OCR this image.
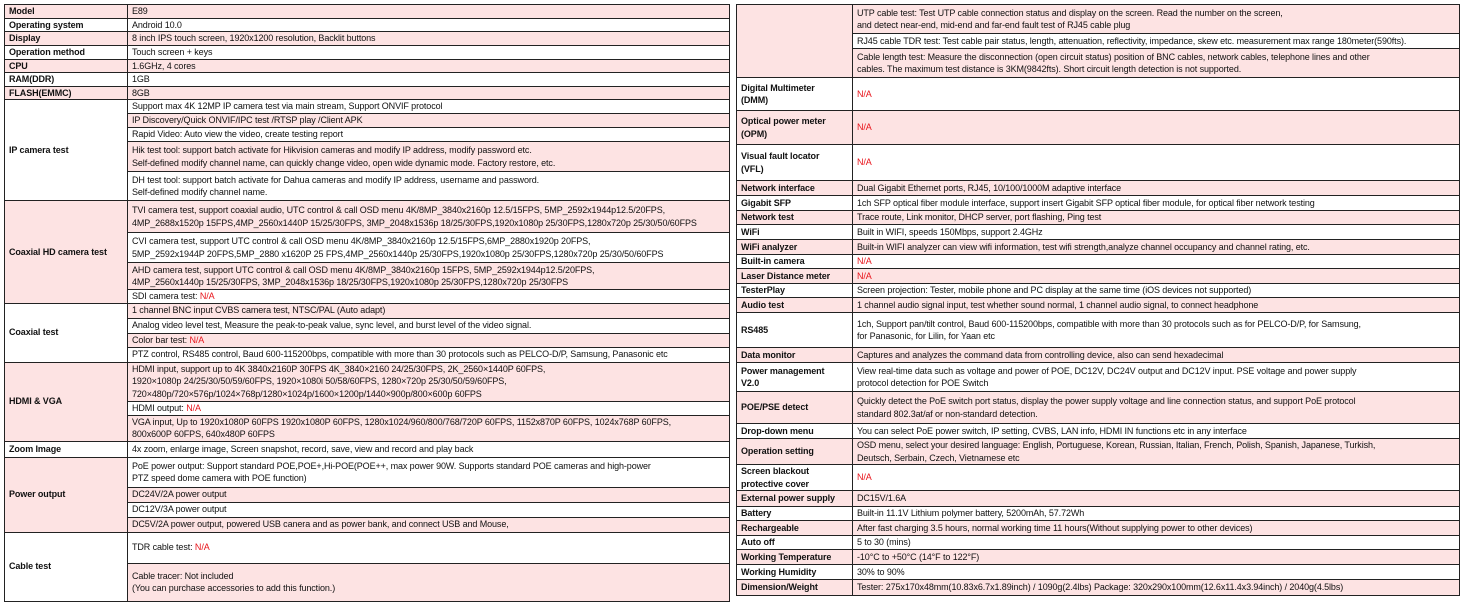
Model	E89
Operating system	Android 10.0
Display	8 inch IPS touch screen, 1920x1200 resolution, Backlit buttons
Operation method	Touch screen + keys
CPU	1.6GHz, 4 cores
RAM(DDR)	1GB
FLASH(EMMC)	8GB
IP camera test	Support max 4K 12MP IP camera test via main stream, Support ONVIF protocol
	IP Discovery/Quick ONVIF/IPC test /RTSP play /Client APK
	Rapid Video: Auto view the video, create testing report
	Hik test tool: support batch activate for Hikvision cameras and modify IP address, modify password etc.
Self-defined modify channel name, can quickly change video, open wide dynamic mode. Factory restore, etc.
	DH test tool: support batch activate for Dahua cameras and modify IP address, username and password.
Self-defined modify channel name.
Coaxial HD camera test	TVI camera test, support coaxial audio, UTC control & call OSD menu 4K/8MP_3840x2160p 12.5/15FPS, 5MP_2592x1944p12.5/20FPS,
4MP_2688x1520p 15FPS,4MP_2560x1440P 15/25/30FPS, 3MP_2048x1536p 18/25/30FPS,1920x1080p 25/30FPS,1280x720p 25/30/50/60FPS
	CVI camera test, support UTC control & call OSD menu 4K/8MP_3840x2160p 12.5/15FPS,6MP_2880x1920p 20FPS,
5MP_2592x1944P 20FPS,5MP_2880 x1620P 25 FPS,4MP_2560x1440p 25/30FPS,1920x1080p 25/30FPS,1280x720p 25/30/50/60FPS
	AHD camera test, support UTC control & call OSD menu 4K/8MP_3840x2160p 15FPS, 5MP_2592x1944p12.5/20FPS,
4MP_2560x1440p 15/25/30FPS, 3MP_2048x1536p 18/25/30FPS,1920x1080p 25/30FPS,1280x720p 25/30FPS
	SDI camera test: N/A
Coaxial test	1 channel BNC input CVBS camera test, NTSC/PAL (Auto adapt)
	Analog video level test, Measure the peak-to-peak value, sync level, and burst level of the video signal.
	Color bar test: N/A
	PTZ control, RS485 control, Baud 600-115200bps, compatible with more than 30 protocols such as PELCO-D/P, Samsung, Panasonic etc
HDMI & VGA	HDMI input, support up to 4K 3840x2160P 30FPS 4K_3840×2160 24/25/30FPS, 2K_2560×1440P 60FPS,
1920×1080p 24/25/30/50/59/60FPS, 1920×1080i 50/58/60FPS, 1280×720p 25/30/50/59/60FPS,
720×480p/720×576p/1024×768p/1280×1024p/1600×1200p/1440×900p/800×600p 60FPS
	HDMI output: N/A
	VGA input, Up to 1920x1080P 60FPS 1920x1080P 60FPS, 1280x1024/960/800/768/720P 60FPS, 1152x870P 60FPS, 1024x768P 60FPS,
800x600P 60FPS, 640x480P 60FPS
Zoom Image	4x zoom, enlarge image, Screen snapshot, record, save, view and record and play back
Power output	PoE power output: Support standard POE,POE+,Hi-POE(POE++, max power 90W. Supports standard POE cameras and high-power
PTZ speed dome camera with POE function)
	DC24V/2A power output
	DC12V/3A power output
	DC5V/2A power output, powered USB canera and as power bank, and connect USB and Mouse,
Cable test	TDR cable test: N/A
	Cable tracer: Not included
(You can purchase accessories to add this function.)
	UTP cable test: Test UTP cable connection status and display on the screen. Read the number on the screen,
and detect near-end, mid-end and far-end fault test of RJ45 cable plug
	RJ45 cable TDR test: Test cable pair status, length, attenuation, reflectivity, impedance, skew etc. measurement max range 180meter(590fts).
	Cable length test: Measure the disconnection (open circuit status) position of BNC cables, network cables, telephone lines and other
cables. The maximum test distance is 3KM(9842fts). Short circuit length detection is not supported.
Digital Multimeter
(DMM)	N/A
Optical power meter
(OPM)	N/A
Visual fault locator
(VFL)	N/A
Network interface	Dual Gigabit Ethernet ports, RJ45, 10/100/1000M adaptive interface
Gigabit SFP	1ch SFP optical fiber module interface, support insert Gigabit SFP optical fiber module, for optical fiber network testing
Network test	Trace route, Link monitor, DHCP server, port flashing, Ping test
WiFi	Built in WIFI, speeds 150Mbps, support 2.4GHz
WiFi analyzer	Built-in WIFI analyzer can view wifi information, test wifi strength,analyze channel occupancy and channel rating, etc.
Built-in camera	N/A
Laser Distance meter	N/A
TesterPlay	Screen projection: Tester, mobile phone and PC display at the same time (iOS devices not supported)
Audio test	1 channel audio signal input, test whether sound normal, 1 channel audio signal, to connect headphone
RS485	1ch, Support pan/tilt control, Baud 600-115200bps, compatible with more than 30 protocols such as for PELCO-D/P, for Samsung,
for Panasonic, for Lilin, for Yaan etc
Data monitor	Captures and analyzes the command data from controlling device, also can send hexadecimal
Power management
V2.0	View real-time data such as voltage and power of POE, DC12V, DC24V output and DC12V input. PSE voltage and power supply
protocol detection for POE Switch
POE/PSE detect	Quickly detect the PoE switch port status, display the power supply voltage and line connection status, and support PoE protocol
standard 802.3at/af or non-standard detection.
Drop-down menu	You can select PoE power switch, IP setting, CVBS, LAN info, HDMI IN functions etc in any interface
Operation setting	OSD menu, select your desired language: English, Portuguese, Korean, Russian, Italian, French, Polish, Spanish, Japanese, Turkish,
Deutsch, Serbain, Czech, Vietnamese etc
Screen blackout
protective cover	N/A
External power supply	DC15V/1.6A
Battery	Built-in 11.1V Lithium polymer battery, 5200mAh, 57.72Wh
Rechargeable	After fast charging 3.5 hours, normal working time 11 hours(Without supplying power to other devices)
Auto off	5 to 30 (mins)
Working Temperature	-10°C to +50°C (14°F to 122°F)
Working Humidity	30% to 90%
Dimension/Weight	Tester: 275x170x48mm(10.83x6.7x1.89inch) / 1090g(2.4lbs) Package: 320x290x100mm(12.6x11.4x3.94inch) / 2040g(4.5lbs)
